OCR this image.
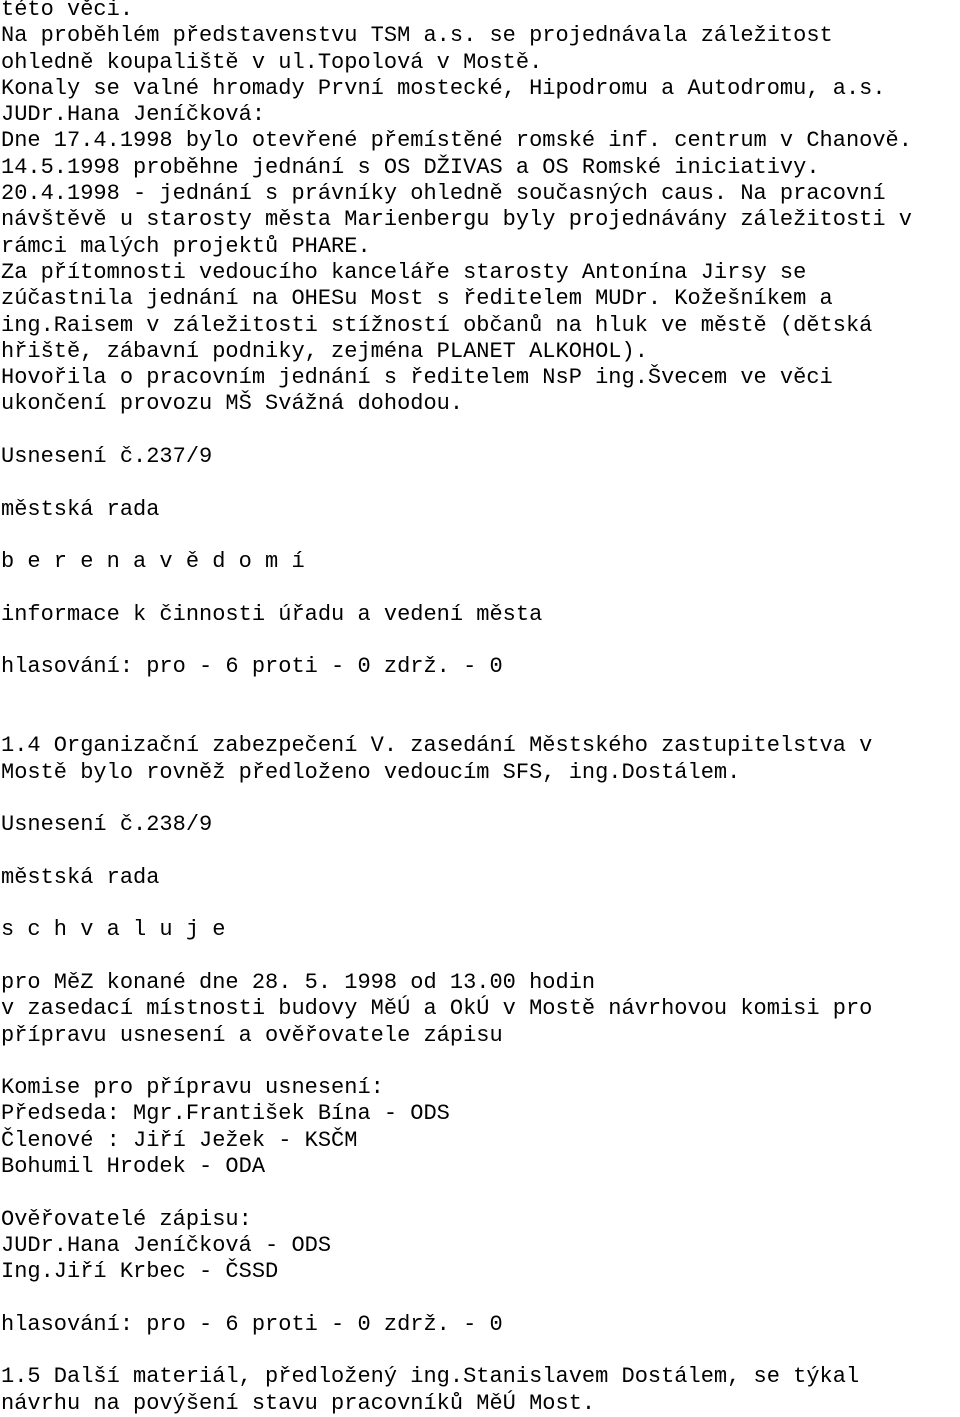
této věci.
Na proběhlém představenstvu TSM a.s. se projednávala záležitost
ohledně koupaliště v ul.Topolová v Mostě.
Konaly se valné hromady První mostecké, Hipodromu a Autodromu, a.s.
JUDr.Hana Jeníčková:
Dne 17.4.1998 bylo otevřené přemístěné romské inf. centrum v Chanově.
14.5.1998 proběhne jednání s OS DŽIVAS a OS Romské iniciativy.
20.4.1998 - jednání s právníky ohledně současných caus. Na pracovní
návštěvě u starosty města Marienbergu byly projednávány záležitosti v
rámci malých projektů PHARE.
Za přítomnosti vedoucího kanceláře starosty Antonína Jirsy se
zúčastnila jednání na OHESu Most s ředitelem MUDr. Kožešníkem a
ing.Raisem v záležitosti stížností občanů na hluk ve městě (dětská
hřiště, zábavní podniky, zejména PLANET ALKOHOL).
Hovořila o pracovním jednání s ředitelem NsP ing.Švecem ve věci
ukončení provozu MŠ Svážná dohodou.
Usnesení č.237/9
městská rada
b e r e n a v ě d o m í
informace k činnosti úřadu a vedení města
hlasování: pro - 6 proti - 0 zdrž. - 0
1.4 Organizační zabezpečení V. zasedání Městského zastupitelstva v
Mostě bylo rovněž předloženo vedoucím SFS, ing.Dostálem.
Usnesení č.238/9
městská rada
s c h v a l u j e
pro MěZ konané dne 28. 5. 1998 od 13.00 hodin
v zasedací místnosti budovy MěÚ a OkÚ v Mostě návrhovou komisi pro
přípravu usnesení a ověřovatele zápisu
Komise pro přípravu usnesení:
Předseda: Mgr.František Bína - ODS
Členové : Jiří Ježek - KSČM
Bohumil Hrodek - ODA
Ověřovatelé zápisu:
JUDr.Hana Jeníčková - ODS
Ing.Jiří Krbec - ČSSD
hlasování: pro - 6 proti - 0 zdrž. - 0
1.5 Další materiál, předložený ing.Stanislavem Dostálem, se týkal
návrhu na povýšení stavu pracovníků MěÚ Most.
